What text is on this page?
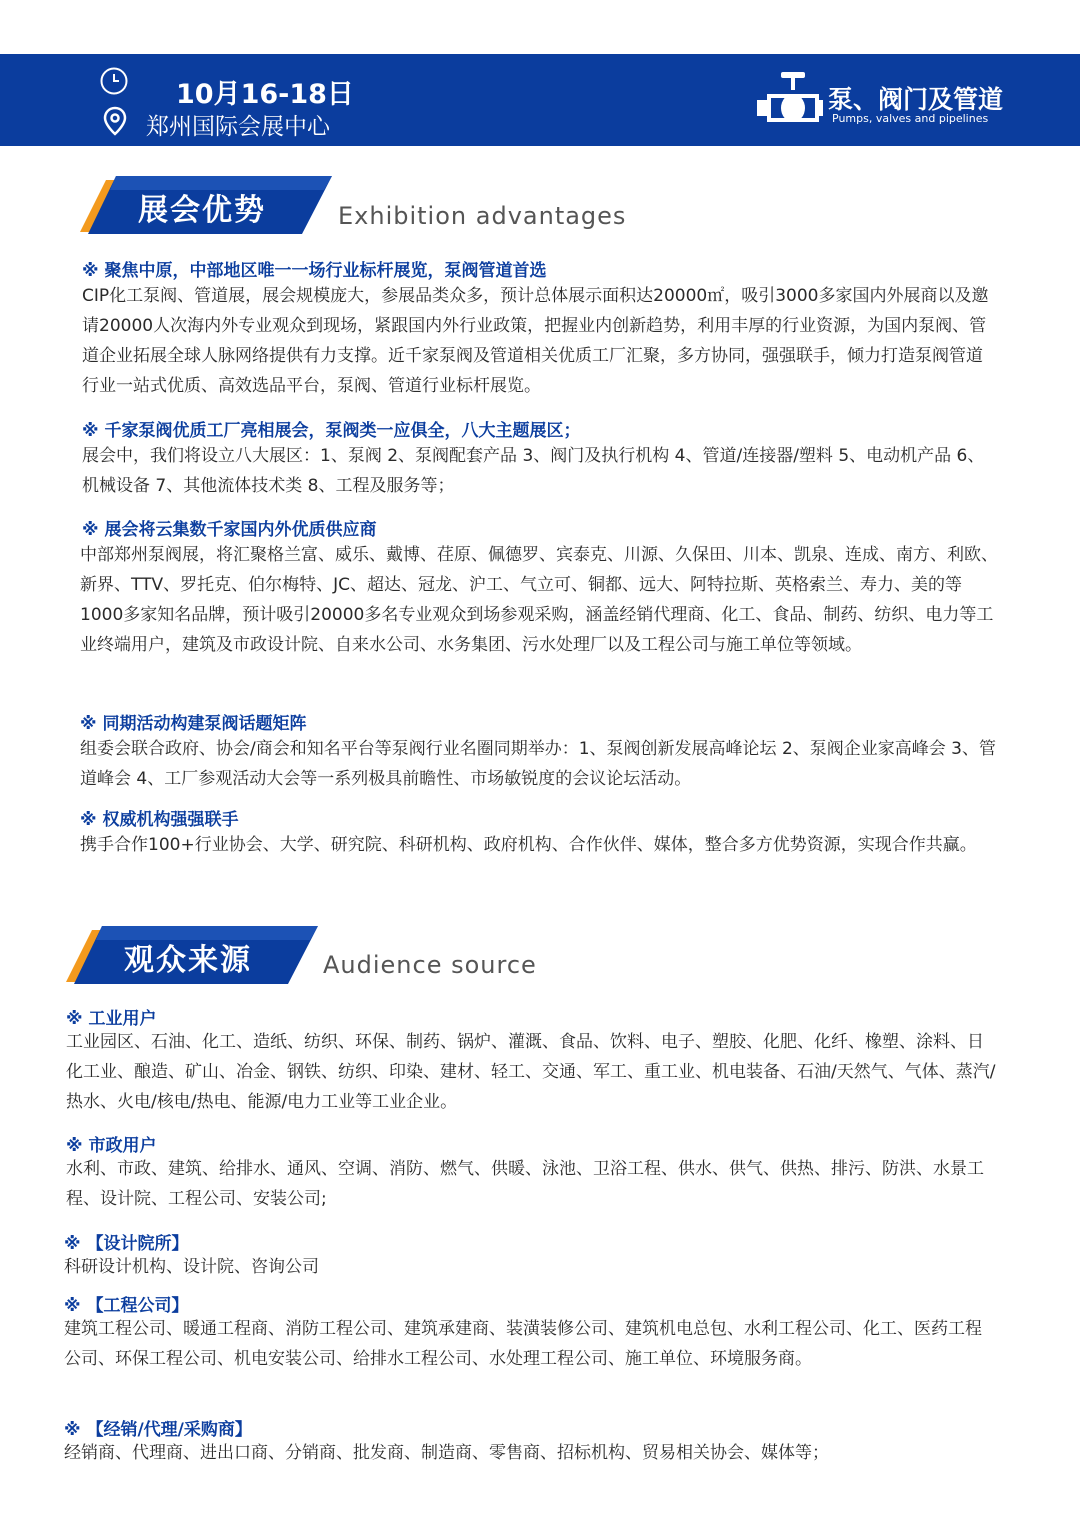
10月16-18日
郑州国际会展中心
泵、阀门及管道
Pumps, valves and pipelines
展会优势	Exhibition advantages
※ 聚焦中原，中部地区唯一一场行业标杆展览，泵阀管道首选
CIP化工泵阀、管道展，展会规模庞大，参展品类众多，预计总体展示面积达20000㎡，吸引3000多家国内外展商以及邀请20000人次海内外专业观众到现场，紧跟国内外行业政策，把握业内创新趋势，利用丰厚的行业资源，为国内泵阀、管道企业拓展全球人脉网络提供有力支撑。近千家泵阀及管道相关优质工厂汇聚，多方协同，强强联手，倾力打造泵阀管道行业一站式优质、高效选品平台，泵阀、管道行业标杆展览。
※ 千家泵阀优质工厂亮相展会，泵阀类一应俱全，八大主题展区；
展会中，我们将设立八大展区：1、泵阀 2、泵阀配套产品 3、阀门及执行机构 4、管道/连接器/塑料 5、电动机产品 6、机械设备 7、其他流体技术类 8、工程及服务等；
※ 展会将云集数千家国内外优质供应商
中部郑州泵阀展，将汇聚格兰富、威乐、戴博、荏原、佩德罗、宾泰克、川源、久保田、川本、凯泉、连成、南方、利欧、新界、TTV、罗托克、伯尔梅特、JC、超达、冠龙、沪工、气立可、铜都、远大、阿特拉斯、英格索兰、寿力、美的等1000多家知名品牌，预计吸引20000多名专业观众到场参观采购，涵盖经销代理商、化工、食品、制药、纺织、电力等工业终端用户，建筑及市政设计院、自来水公司、水务集团、污水处理厂以及工程公司与施工单位等领域。
※ 同期活动构建泵阀话题矩阵
组委会联合政府、协会/商会和知名平台等泵阀行业名圈同期举办：1、泵阀创新发展高峰论坛 2、泵阀企业家高峰会 3、管道峰会 4、工厂参观活动大会等一系列极具前瞻性、市场敏锐度的会议论坛活动。
※ 权威机构强强联手
携手合作100+行业协会、大学、研究院、科研机构、政府机构、合作伙伴、媒体，整合多方优势资源，实现合作共赢。
观众来源	Audience source
※ 工业用户
工业园区、石油、化工、造纸、纺织、环保、制药、锅炉、灌溉、食品、饮料、电子、塑胶、化肥、化纤、橡塑、涂料、日化工业、酿造、矿山、冶金、钢铁、纺织、印染、建材、轻工、交通、军工、重工业、机电装备、石油/天然气、气体、蒸汽/热水、火电/核电/热电、能源/电力工业等工业企业。
※ 市政用户
水利、市政、建筑、给排水、通风、空调、消防、燃气、供暖、泳池、卫浴工程、供水、供气、供热、排污、防洪、水景工程、设计院、工程公司、安装公司;
※ 【设计院所】
科研设计机构、设计院、咨询公司
※ 【工程公司】
建筑工程公司、暖通工程商、消防工程公司、建筑承建商、装潢装修公司、建筑机电总包、水利工程公司、化工、医药工程公司、环保工程公司、机电安装公司、给排水工程公司、水处理工程公司、施工单位、环境服务商。
※ 【经销/代理/采购商】
经销商、代理商、进出口商、分销商、批发商、制造商、零售商、招标机构、贸易相关协会、媒体等；
